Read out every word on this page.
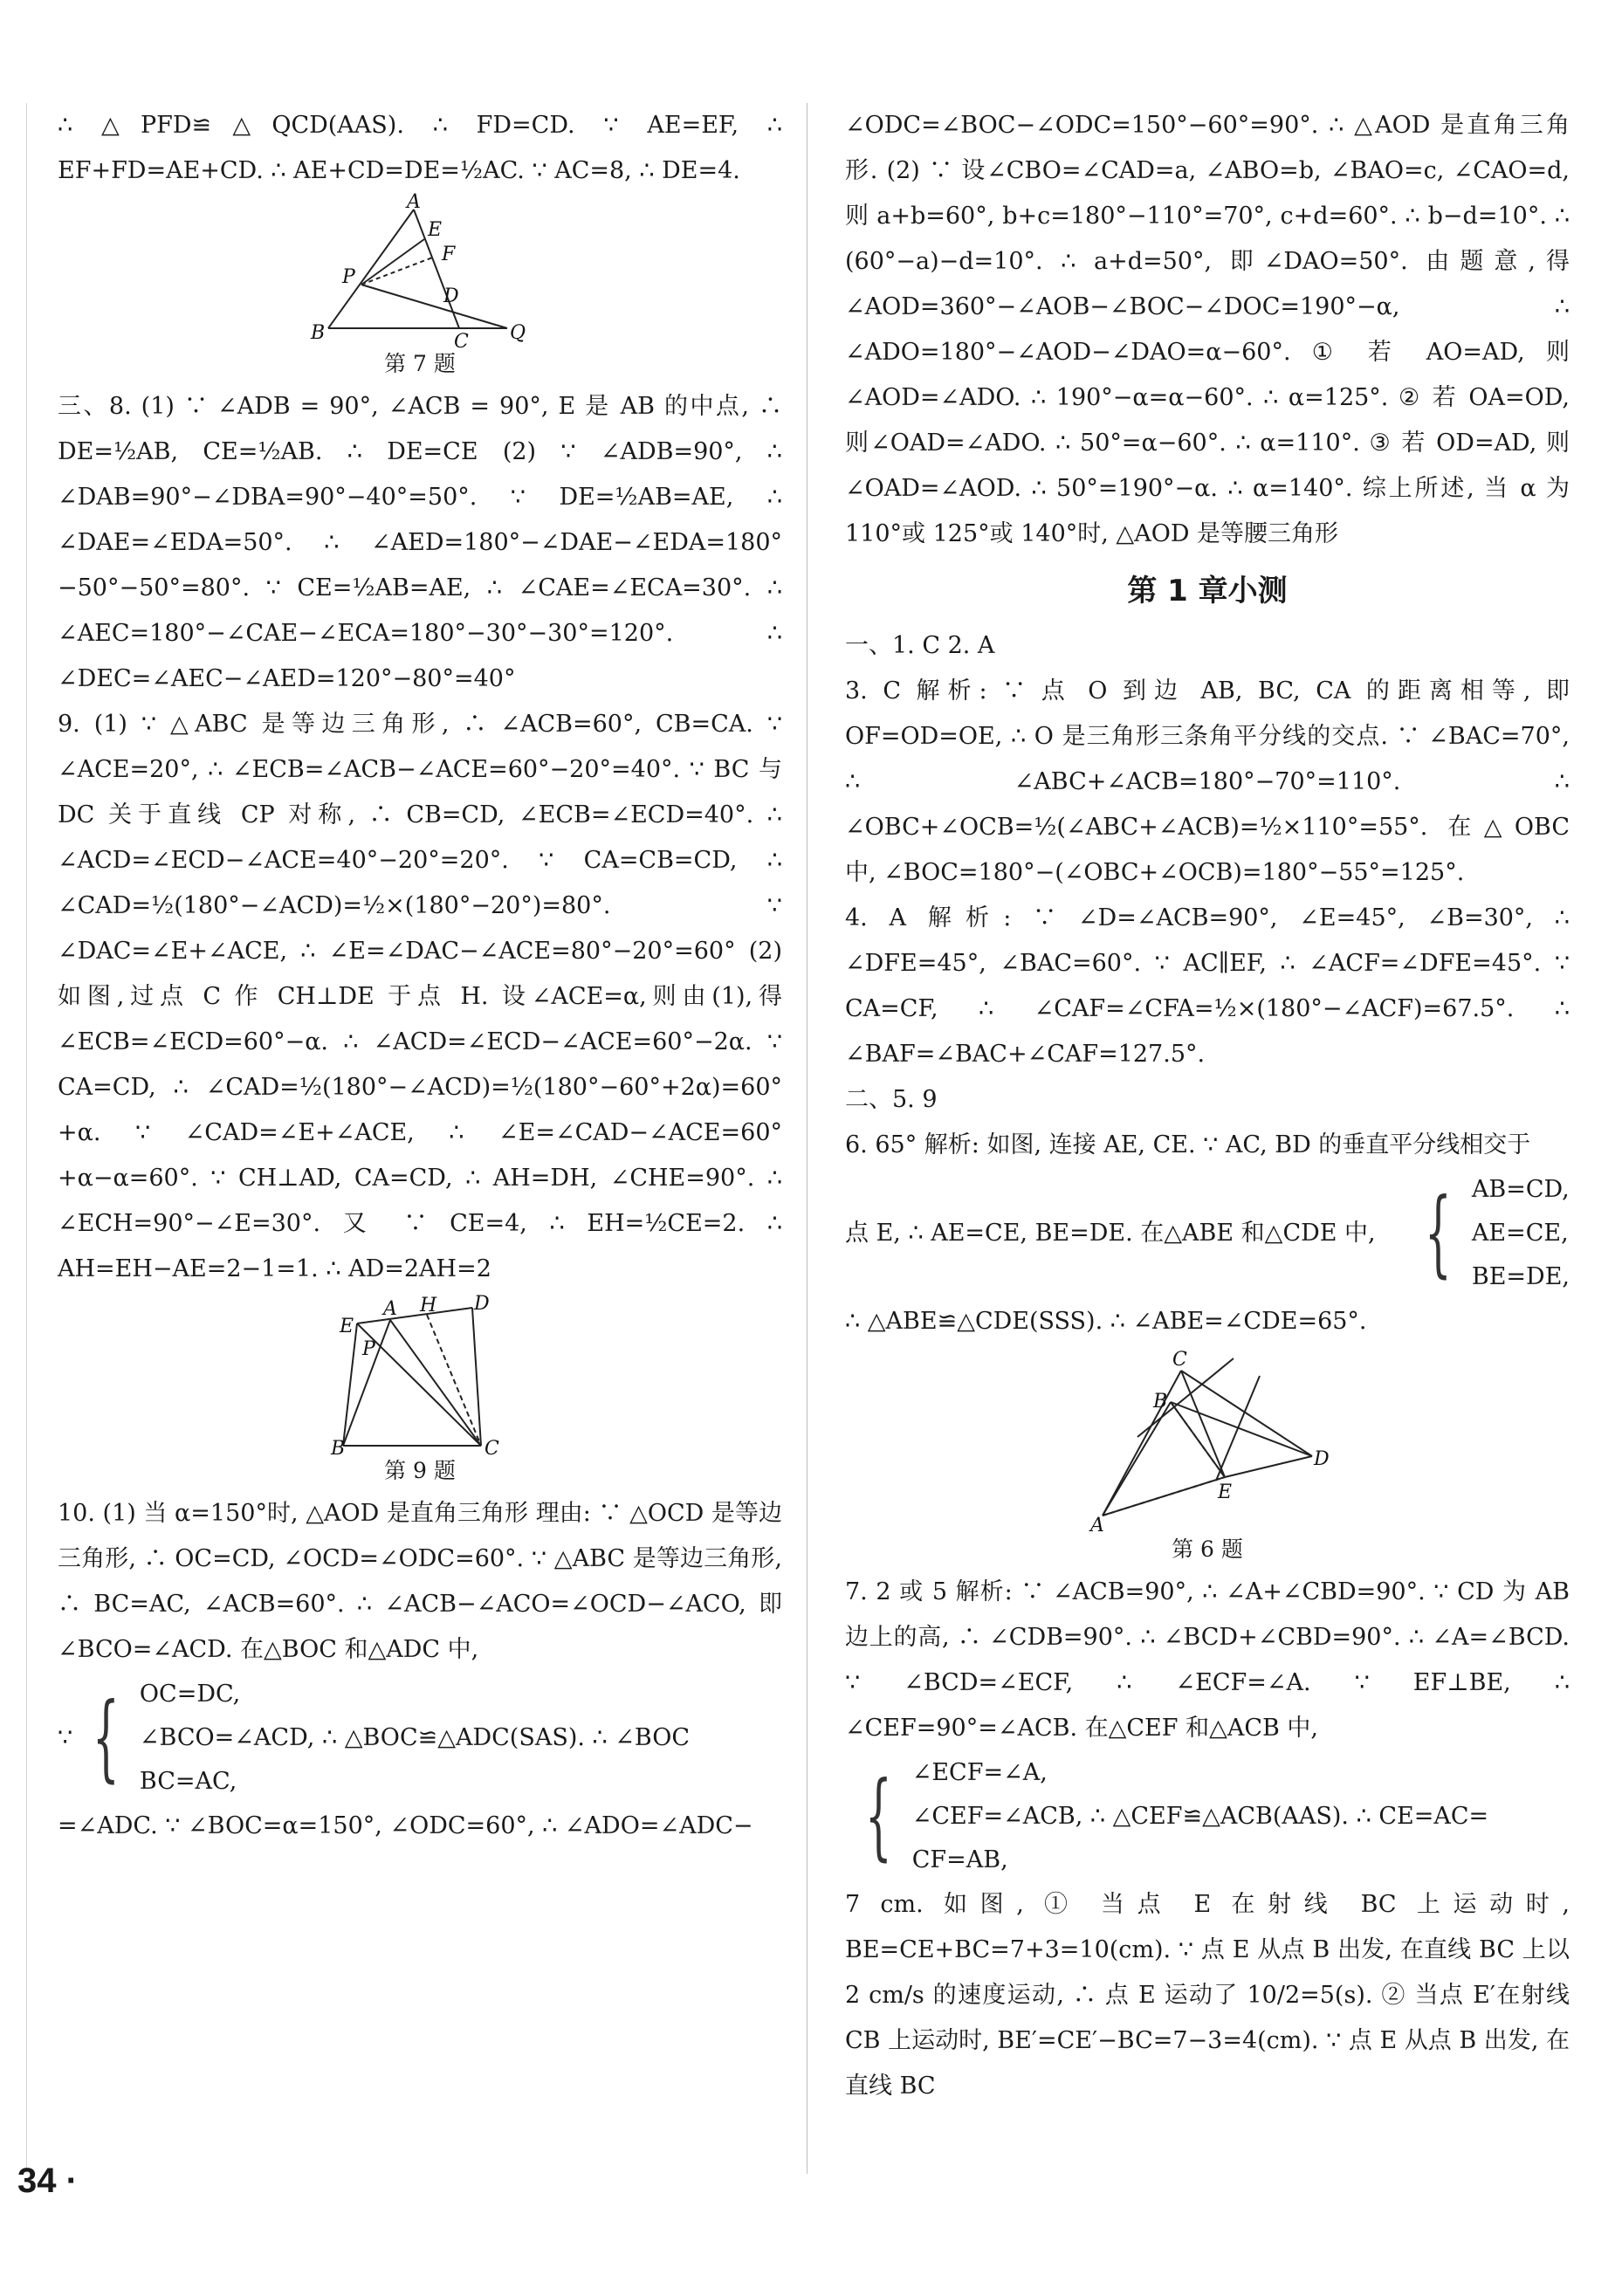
∴ △PFD≌△QCD(AAS). ∴ FD=CD. ∵ AE=EF, ∴ EF+FD=AE+CD. ∴ AE+CD=DE=½AC. ∵ AC=8, ∴ DE=4.

A
E
P
F
D
B	C Q
第 7 题

三、8. (1) ∵ ∠ADB = 90°, ∠ACB = 90°, E 是 AB 的中点, ∴ DE=½AB, CE=½AB. ∴ DE=CE (2) ∵ ∠ADB=90°, ∴ ∠DAB=90°−∠DBA=90°−40°=50°. ∵ DE=½AB=AE, ∴ ∠DAE=∠EDA=50°. ∴ ∠AED=180°−∠DAE−∠EDA=180°−50°−50°=80°. ∵ CE=½AB=AE, ∴ ∠CAE=∠ECA=30°. ∴ ∠AEC=180°−∠CAE−∠ECA=180°−30°−30°=120°. ∴ ∠DEC=∠AEC−∠AED=120°−80°=40°

9. (1) ∵ △ABC 是等边三角形, ∴ ∠ACB=60°, CB=CA. ∵ ∠ACE=20°, ∴ ∠ECB=∠ACB−∠ACE=60°−20°=40°. ∵ BC 与 DC 关于直线 CP 对称, ∴ CB=CD, ∠ECB=∠ECD=40°. ∴ ∠ACD=∠ECD−∠ACE=40°−20°=20°. ∵ CA=CB=CD, ∴ ∠CAD=½(180°−∠ACD)=½×(180°−20°)=80°. ∵ ∠DAC=∠E+∠ACE, ∴ ∠E=∠DAC−∠ACE=80°−20°=60° (2) 如图,过点 C 作 CH⊥DE 于点 H. 设∠ACE=α,则由(1),得∠ECB=∠ECD=60°−α. ∴ ∠ACD=∠ECD−∠ACE=60°−2α. ∵ CA=CD, ∴ ∠CAD=½(180°−∠ACD)=½(180°−60°+2α)=60°+α. ∵ ∠CAD=∠E+∠ACE, ∴ ∠E=∠CAD−∠ACE=60°+α−α=60°. ∵ CH⊥AD, CA=CD, ∴ AH=DH, ∠CHE=90°. ∴ ∠ECH=90°−∠E=30°. 又 ∵ CE=4, ∴ EH=½CE=2. ∴ AH=EH−AE=2−1=1. ∴ AD=2AH=2

E
A H D
P
B	C
第 9 题

10. (1) 当 α=150°时, △AOD 是直角三角形 理由: ∵ △OCD 是等边三角形, ∴ OC=CD, ∠OCD=∠ODC=60°. ∵ △ABC 是等边三角形, ∴ BC=AC, ∠ACB=60°. ∴ ∠ACB−∠ACO=∠OCD−∠ACO, 即∠BCO=∠ACD. 在△BOC 和△ADC 中,

∵ { OC=DC,
∠BCO=∠ACD, ∴ △BOC≌△ADC(SAS). ∴ ∠BOC
BC=AC,

=∠ADC. ∵ ∠BOC=α=150°, ∠ODC=60°, ∴ ∠ADO=∠ADC−

∠ODC=∠BOC−∠ODC=150°−60°=90°. ∴ △AOD 是直角三角形. (2) ∵ 设∠CBO=∠CAD=a, ∠ABO=b, ∠BAO=c, ∠CAO=d, 则 a+b=60°, b+c=180°−110°=70°, c+d=60°. ∴ b−d=10°. ∴ (60°−a)−d=10°. ∴ a+d=50°, 即∠DAO=50°. 由题意,得∠AOD=360°−∠AOB−∠BOC−∠DOC=190°−α, ∴ ∠ADO=180°−∠AOD−∠DAO=α−60°. ① 若 AO=AD, 则∠AOD=∠ADO. ∴ 190°−α=α−60°. ∴ α=125°. ② 若 OA=OD, 则∠OAD=∠ADO. ∴ 50°=α−60°. ∴ α=110°. ③ 若 OD=AD, 则∠OAD=∠AOD. ∴ 50°=190°−α. ∴ α=140°. 综上所述, 当 α 为 110°或 125°或 140°时, △AOD 是等腰三角形

第 1 章小测

一、1. C 2. A

3. C 解析: ∵ 点 O 到边 AB, BC, CA 的距离相等, 即 OF=OD=OE, ∴ O 是三角形三条角平分线的交点. ∵ ∠BAC=70°, ∴ ∠ABC+∠ACB=180°−70°=110°. ∴ ∠OBC+∠OCB=½(∠ABC+∠ACB)=½×110°=55°. 在△OBC 中, ∠BOC=180°−(∠OBC+∠OCB)=180°−55°=125°.

4. A 解析: ∵ ∠D=∠ACB=90°, ∠E=45°, ∠B=30°, ∴ ∠DFE=45°, ∠BAC=60°. ∵ AC∥EF, ∴ ∠ACF=∠DFE=45°. ∵ CA=CF, ∴ ∠CAF=∠CFA=½×(180°−∠ACF)=67.5°. ∴ ∠BAF=∠BAC+∠CAF=127.5°.

二、5. 9

6. 65° 解析: 如图, 连接 AE, CE. ∵ AC, BD 的垂直平分线相交于

点 E, ∴ AE=CE, BE=DE. 在△ABE 和△CDE 中, { AB=CD,
AE=CE,
BE=DE,

∴ △ABE≌△CDE(SSS). ∴ ∠ABE=∠CDE=65°.

C
B
D
E
A
第 6 题

7. 2 或 5 解析: ∵ ∠ACB=90°, ∴ ∠A+∠CBD=90°. ∵ CD 为 AB 边上的高, ∴ ∠CDB=90°. ∴ ∠BCD+∠CBD=90°. ∴ ∠A=∠BCD. ∵ ∠BCD=∠ECF, ∴ ∠ECF=∠A. ∵ EF⊥BE, ∴ ∠CEF=90°=∠ACB. 在△CEF 和△ACB 中,

{ ∠ECF=∠A,
∠CEF=∠ACB, ∴ △CEF≌△ACB(AAS). ∴ CE=AC=
CF=AB,

7 cm. 如图, ① 当点 E 在射线 BC 上运动时, BE=CE+BC=7+3=10(cm). ∵ 点 E 从点 B 出发, 在直线 BC 上以 2 cm/s 的速度运动, ∴ 点 E 运动了 10/2=5(s). ② 当点 E′在射线 CB 上运动时, BE′=CE′−BC=7−3=4(cm). ∵ 点 E 从点 B 出发, 在直线 BC

34 ·
